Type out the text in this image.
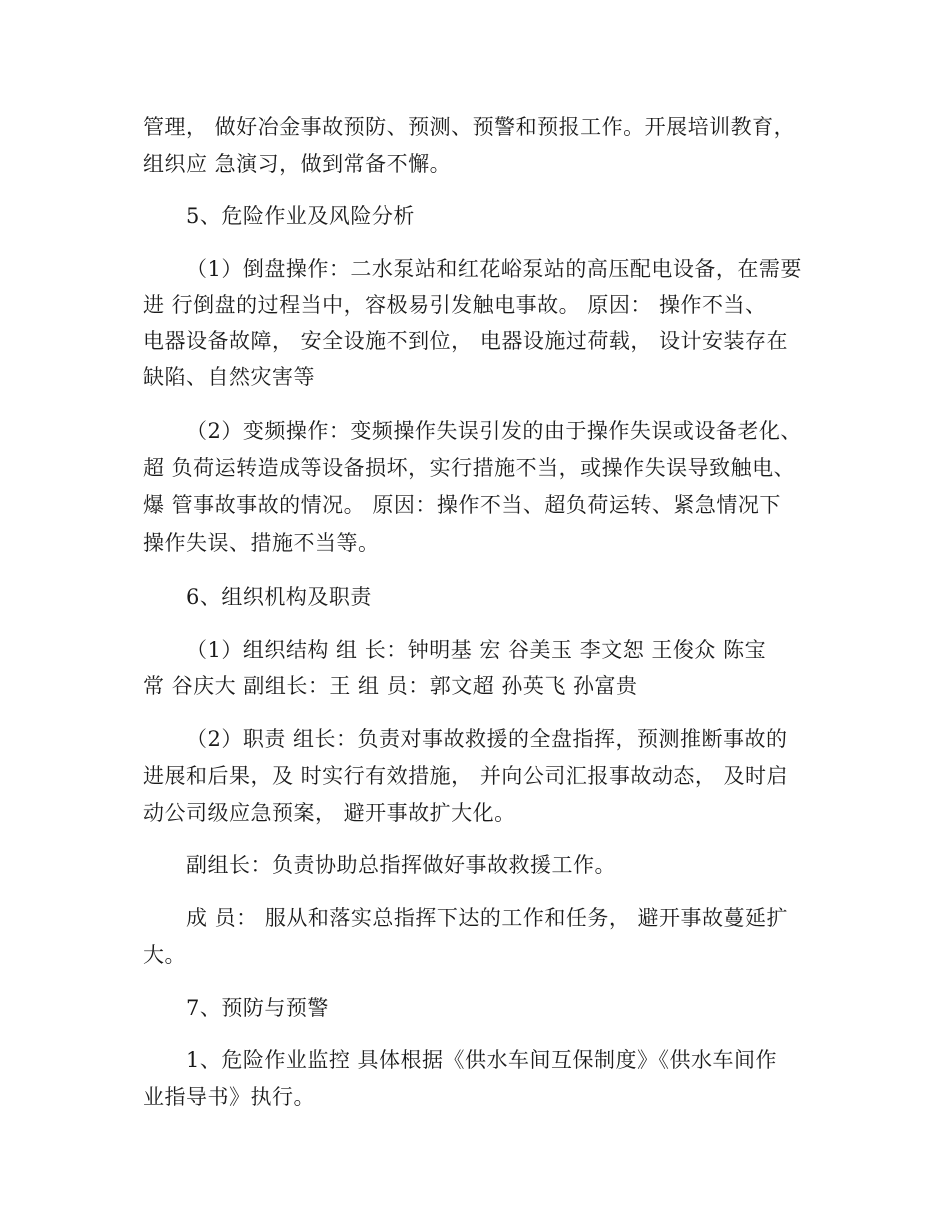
管理， 做好冶金事故预防、预测、预警和预报工作。开展培训教育，

组织应 急演习，做到常备不懈。

5、危险作业及风险分析

（1）倒盘操作：二水泵站和红花峪泵站的高压配电设备，在需要

进 行倒盘的过程当中，容极易引发触电事故。 原因： 操作不当、

电器设备故障， 安全设施不到位， 电器设施过荷载， 设计安装存在

缺陷、自然灾害等

（2）变频操作：变频操作失误引发的由于操作失误或设备老化、

超 负荷运转造成等设备损坏，实行措施不当，或操作失误导致触电、

爆 管事故事故的情况。 原因：操作不当、超负荷运转、紧急情况下

操作失误、措施不当等。

6、组织机构及职责

（1）组织结构 组 长：钟明基 宏 谷美玉 李文恕 王俊众 陈宝

常 谷庆大 副组长：王 组 员：郭文超 孙英飞 孙富贵

（2）职责 组长：负责对事故救援的全盘指挥，预测推断事故的

进展和后果，及 时实行有效措施， 并向公司汇报事故动态， 及时启

动公司级应急预案， 避开事故扩大化。

副组长：负责协助总指挥做好事故救援工作。

成 员： 服从和落实总指挥下达的工作和任务， 避开事故蔓延扩

大。

7、预防与预警

1、危险作业监控 具体根据《供水车间互保制度》《供水车间作

业指导书》执行。
